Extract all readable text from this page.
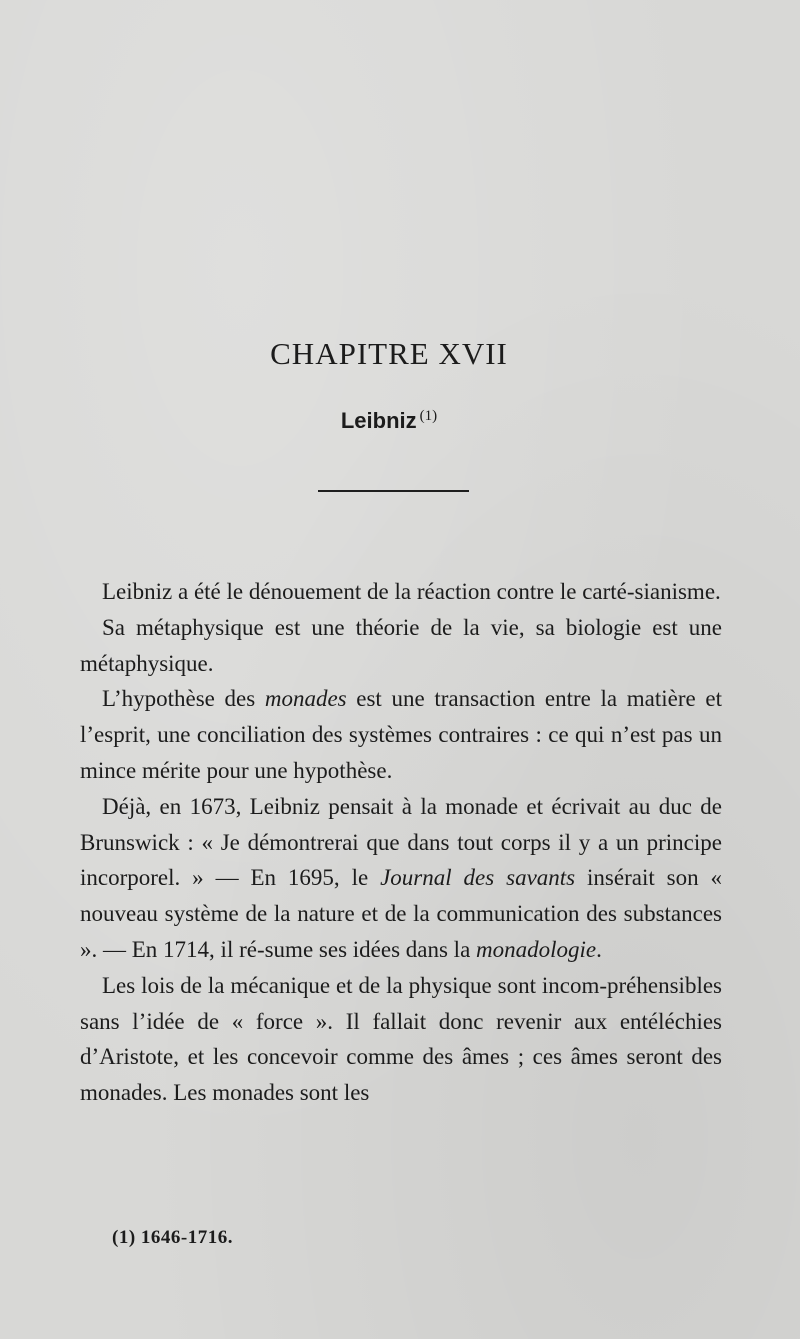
CHAPITRE XVII
Leibniz $^{(1)}$

Leibniz a été le dénouement de la réaction contre le carté-sianisme.

Sa métaphysique est une théorie de la vie, sa biologie est une métaphysique.

L’hypothèse des monades est une transaction entre la matière et l’esprit, une conciliation des systèmes contraires : ce qui n’est pas un mince mérite pour une hypothèse.

Déjà, en 1673, Leibniz pensait à la monade et écrivait au duc de Brunswick : « Je démontrerai que dans tout corps il y a un principe incorporel. » — En 1695, le Journal des savants insérait son « nouveau système de la nature et de la communication des substances ». — En 1714, il ré-sume ses idées dans la monadologie.

Les lois de la mécanique et de la physique sont incom-préhensibles sans l’idée de « force ». Il fallait donc revenir aux entéléchies d’Aristote, et les concevoir comme des âmes ; ces âmes seront des monades. Les monades sont les

(1) 1646-1716.
